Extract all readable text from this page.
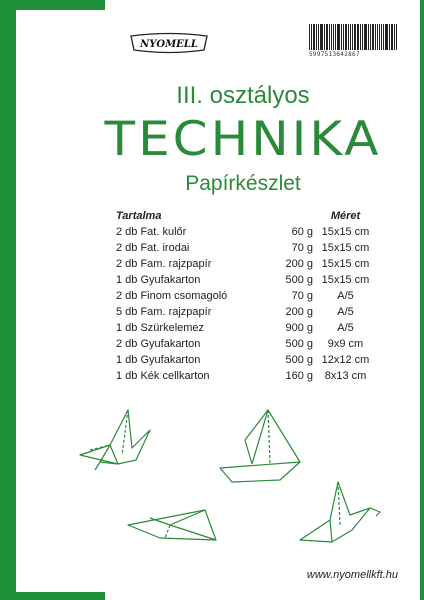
NYOMELL
5997513642867
III. osztályos
TECHNIKA
Papírkészlet
Tartalma	Méret
2 db Fat. kulőr	60 g 15x15 cm
2 db Fat. irodai	70 g 15x15 cm
2 db Fam. rajzpapír	200 g 15x15 cm
1 db Gyufakarton	500 g 15x15 cm
2 db Finom csomagoló	70 g	A/5
5 db Fam. rajzpapír	200 g	A/5
1 db Szürkelemez	900 g	A/5
2 db Gyufakarton	500 g	9x9 cm
1 db Gyufakarton	500 g 12x12 cm
1 db Kék cellkarton	160 g	8x13 cm
www.nyomellkft.hu
